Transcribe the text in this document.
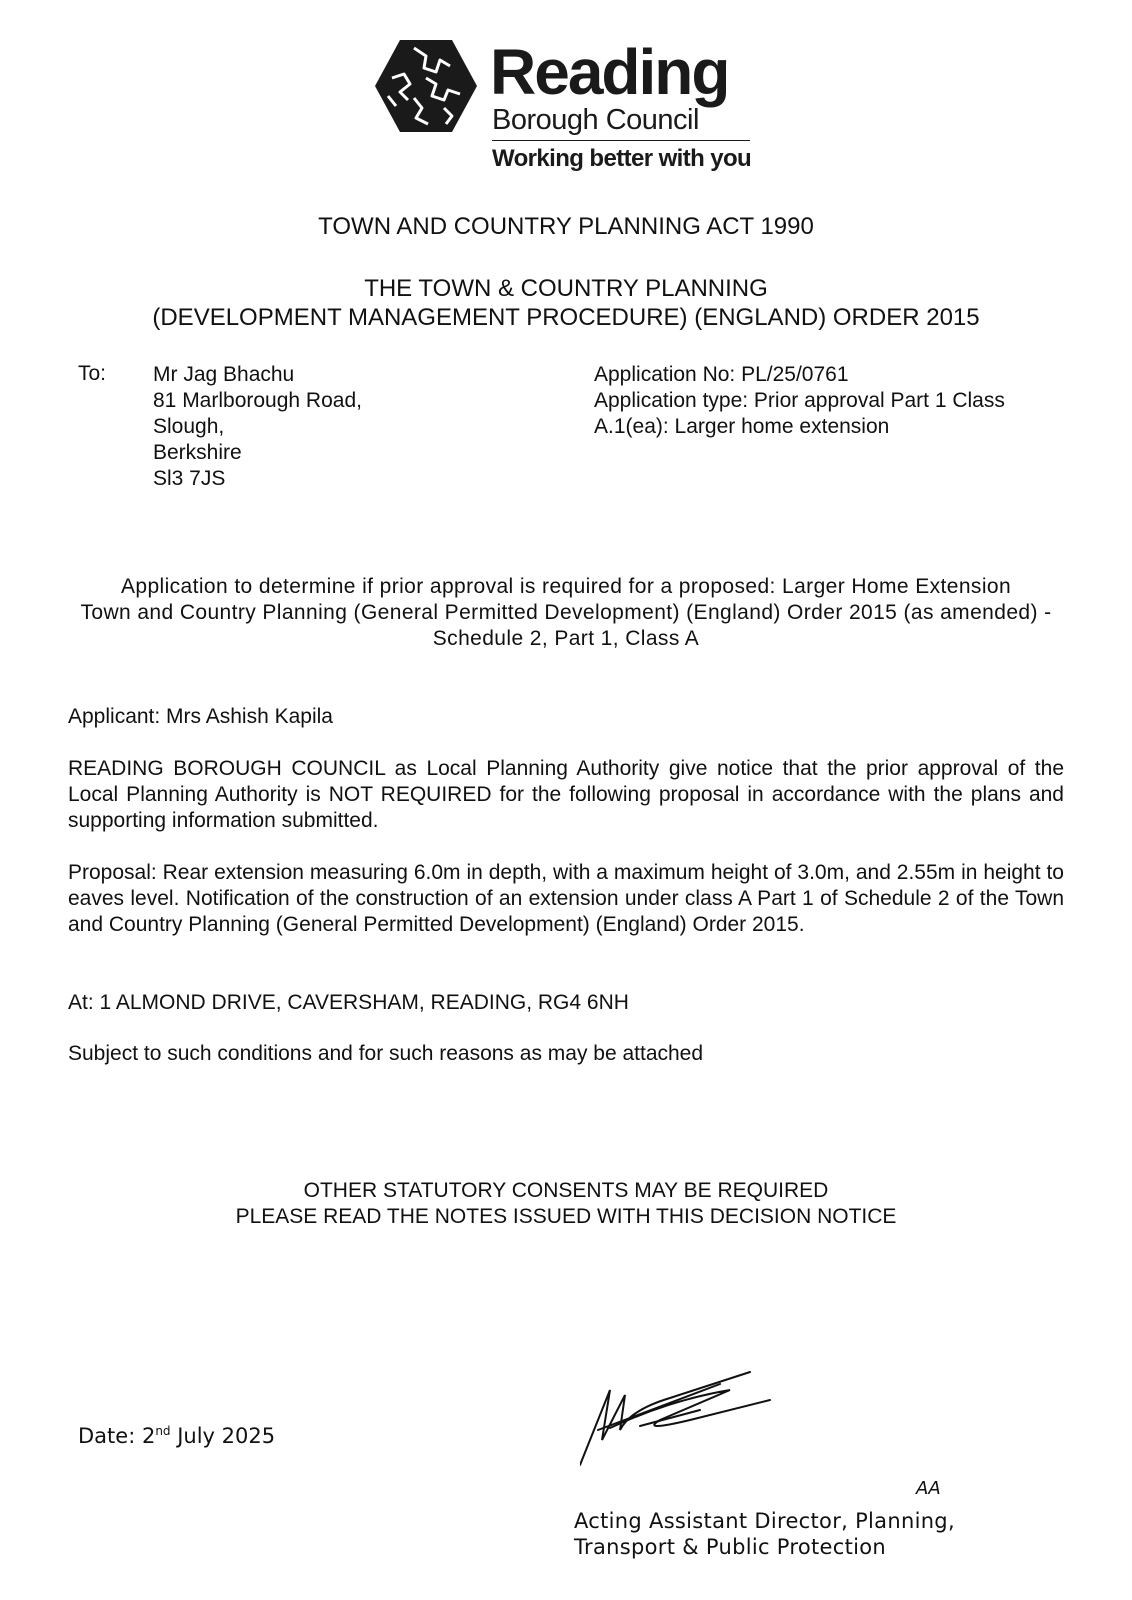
Reading
Borough Council
Working better with you
TOWN AND COUNTRY PLANNING ACT 1990
THE TOWN & COUNTRY PLANNING
(DEVELOPMENT MANAGEMENT PROCEDURE) (ENGLAND) ORDER 2015
To: Mr Jag Bhachu
81 Marlborough Road,
Slough,
Berkshire
Sl3 7JS
Application No: PL/25/0761
Application type: Prior approval Part 1 Class A.1(ea): Larger home extension
Application to determine if prior approval is required for a proposed: Larger Home Extension
Town and Country Planning (General Permitted Development) (England) Order 2015 (as amended) - Schedule 2, Part 1, Class A
Applicant: Mrs Ashish Kapila
READING BOROUGH COUNCIL as Local Planning Authority give notice that the prior approval of the Local Planning Authority is NOT REQUIRED for the following proposal in accordance with the plans and supporting information submitted.
Proposal: Rear extension measuring 6.0m in depth, with a maximum height of 3.0m, and 2.55m in height to eaves level. Notification of the construction of an extension under class A Part 1 of Schedule 2 of the Town and Country Planning (General Permitted Development) (England) Order 2015.
At: 1 ALMOND DRIVE, CAVERSHAM, READING, RG4 6NH
Subject to such conditions and for such reasons as may be attached
OTHER STATUTORY CONSENTS MAY BE REQUIRED
PLEASE READ THE NOTES ISSUED WITH THIS DECISION NOTICE
Date: 2nd July 2025
AA
Acting Assistant Director, Planning,
Transport & Public Protection
